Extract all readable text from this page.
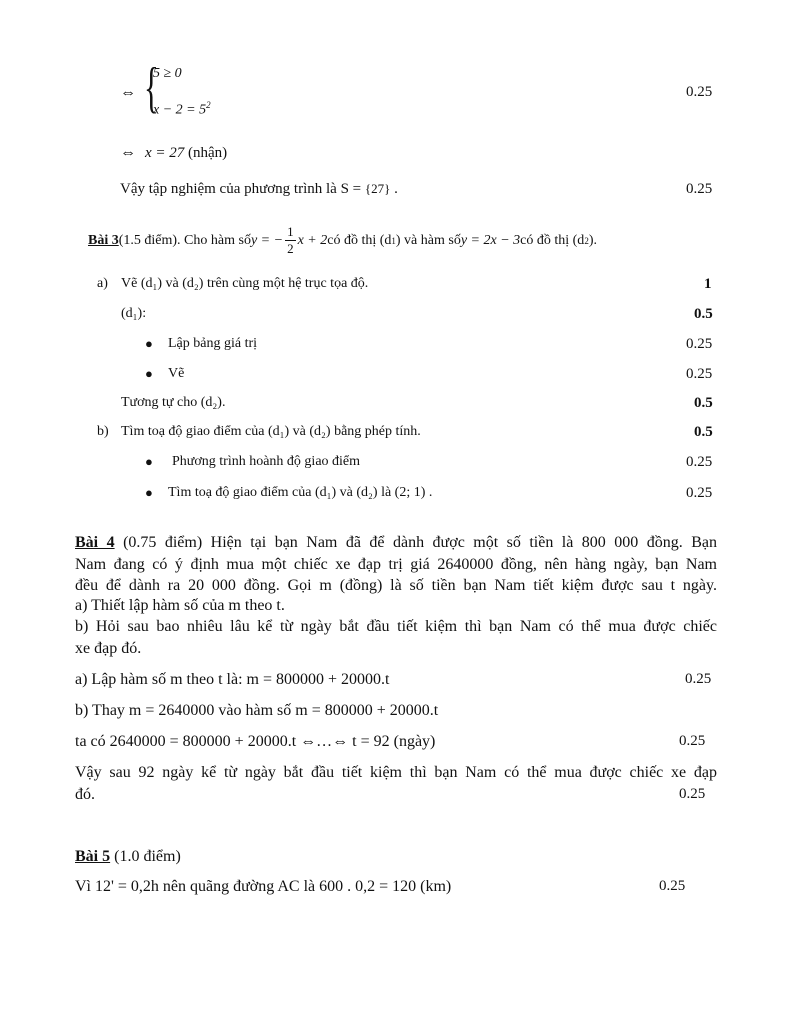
⇔ {
5 ≥ 0
$x - 2 = 5^2$
0.25
⇔ x = 27 (nhận)
Vậy tập nghiệm của phương trình là S = {27} .	0.25
Bài 3 (1.5 điểm). Cho hàm số y = − $\frac{1}{2}$ x + 2 có đồ thị (d 1 ) và hàm số y = 2x − 3 có đồ thị (d 2 ).
a) Vẽ (d₁) và (d₂) trên cùng một hệ trục tọa độ.	1
(d₁):	0.5
● Lập bảng giá trị	0.25
● Vẽ	0.25
Tương tự cho (d₂).	0.5
b) Tìm toạ độ giao điểm của (d₁) và (d₂) bằng phép tính.	0.5
● Phương trình hoành độ giao điểm	0.25
● Tìm toạ độ giao điểm của (d₁) và (d₂) là (2; 1) .	0.25
Bài 4 (0.75 điểm) Hiện tại bạn Nam đã để dành được một số tiền là 800 000 đồng. Bạn
Nam đang có ý định mua một chiếc xe đạp trị giá 2640000 đồng, nên hàng ngày, bạn Nam
đều để dành ra 20 000 đồng. Gọi m (đồng) là số tiền bạn Nam tiết kiệm được sau t ngày.
a) Thiết lập hàm số của m theo t.
b) Hỏi sau bao nhiêu lâu kể từ ngày bắt đầu tiết kiệm thì bạn Nam có thể mua được chiếc
xe đạp đó.
a) Lập hàm số m theo t là: m = 800000 + 20000.t	0.25
b) Thay m = 2640000 vào hàm số m = 800000 + 20000.t
ta có 2640000 = 800000 + 20000.t ⇔…⇔ t = 92 (ngày)	0.25
Vậy sau 92 ngày kể từ ngày bắt đầu tiết kiệm thì bạn Nam có thể mua được chiếc xe đạp
đó.	0.25
Bài 5 (1.0 điểm)
Vì 12' = 0,2h nên quãng đường AC là 600 . 0,2 = 120 (km)	0.25
